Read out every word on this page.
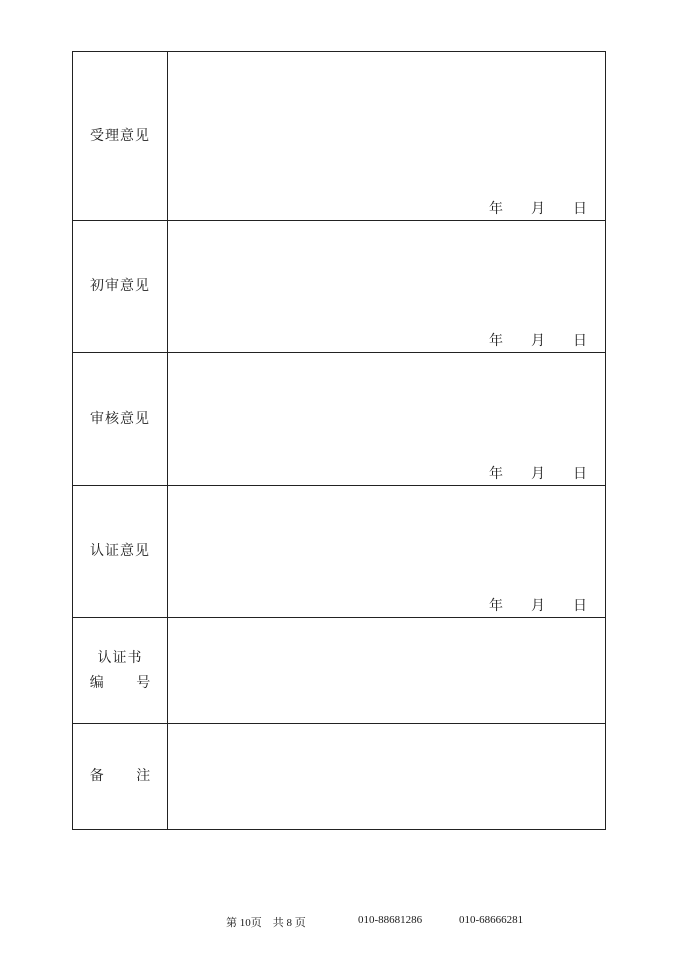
受理意见
年 月 日
初审意见
年 月 日
审核意见
年 月 日
认证意见
年 月 日
认证书
编 号
备 注
第 10页　共 8 页	010-88681286	010-68666281
